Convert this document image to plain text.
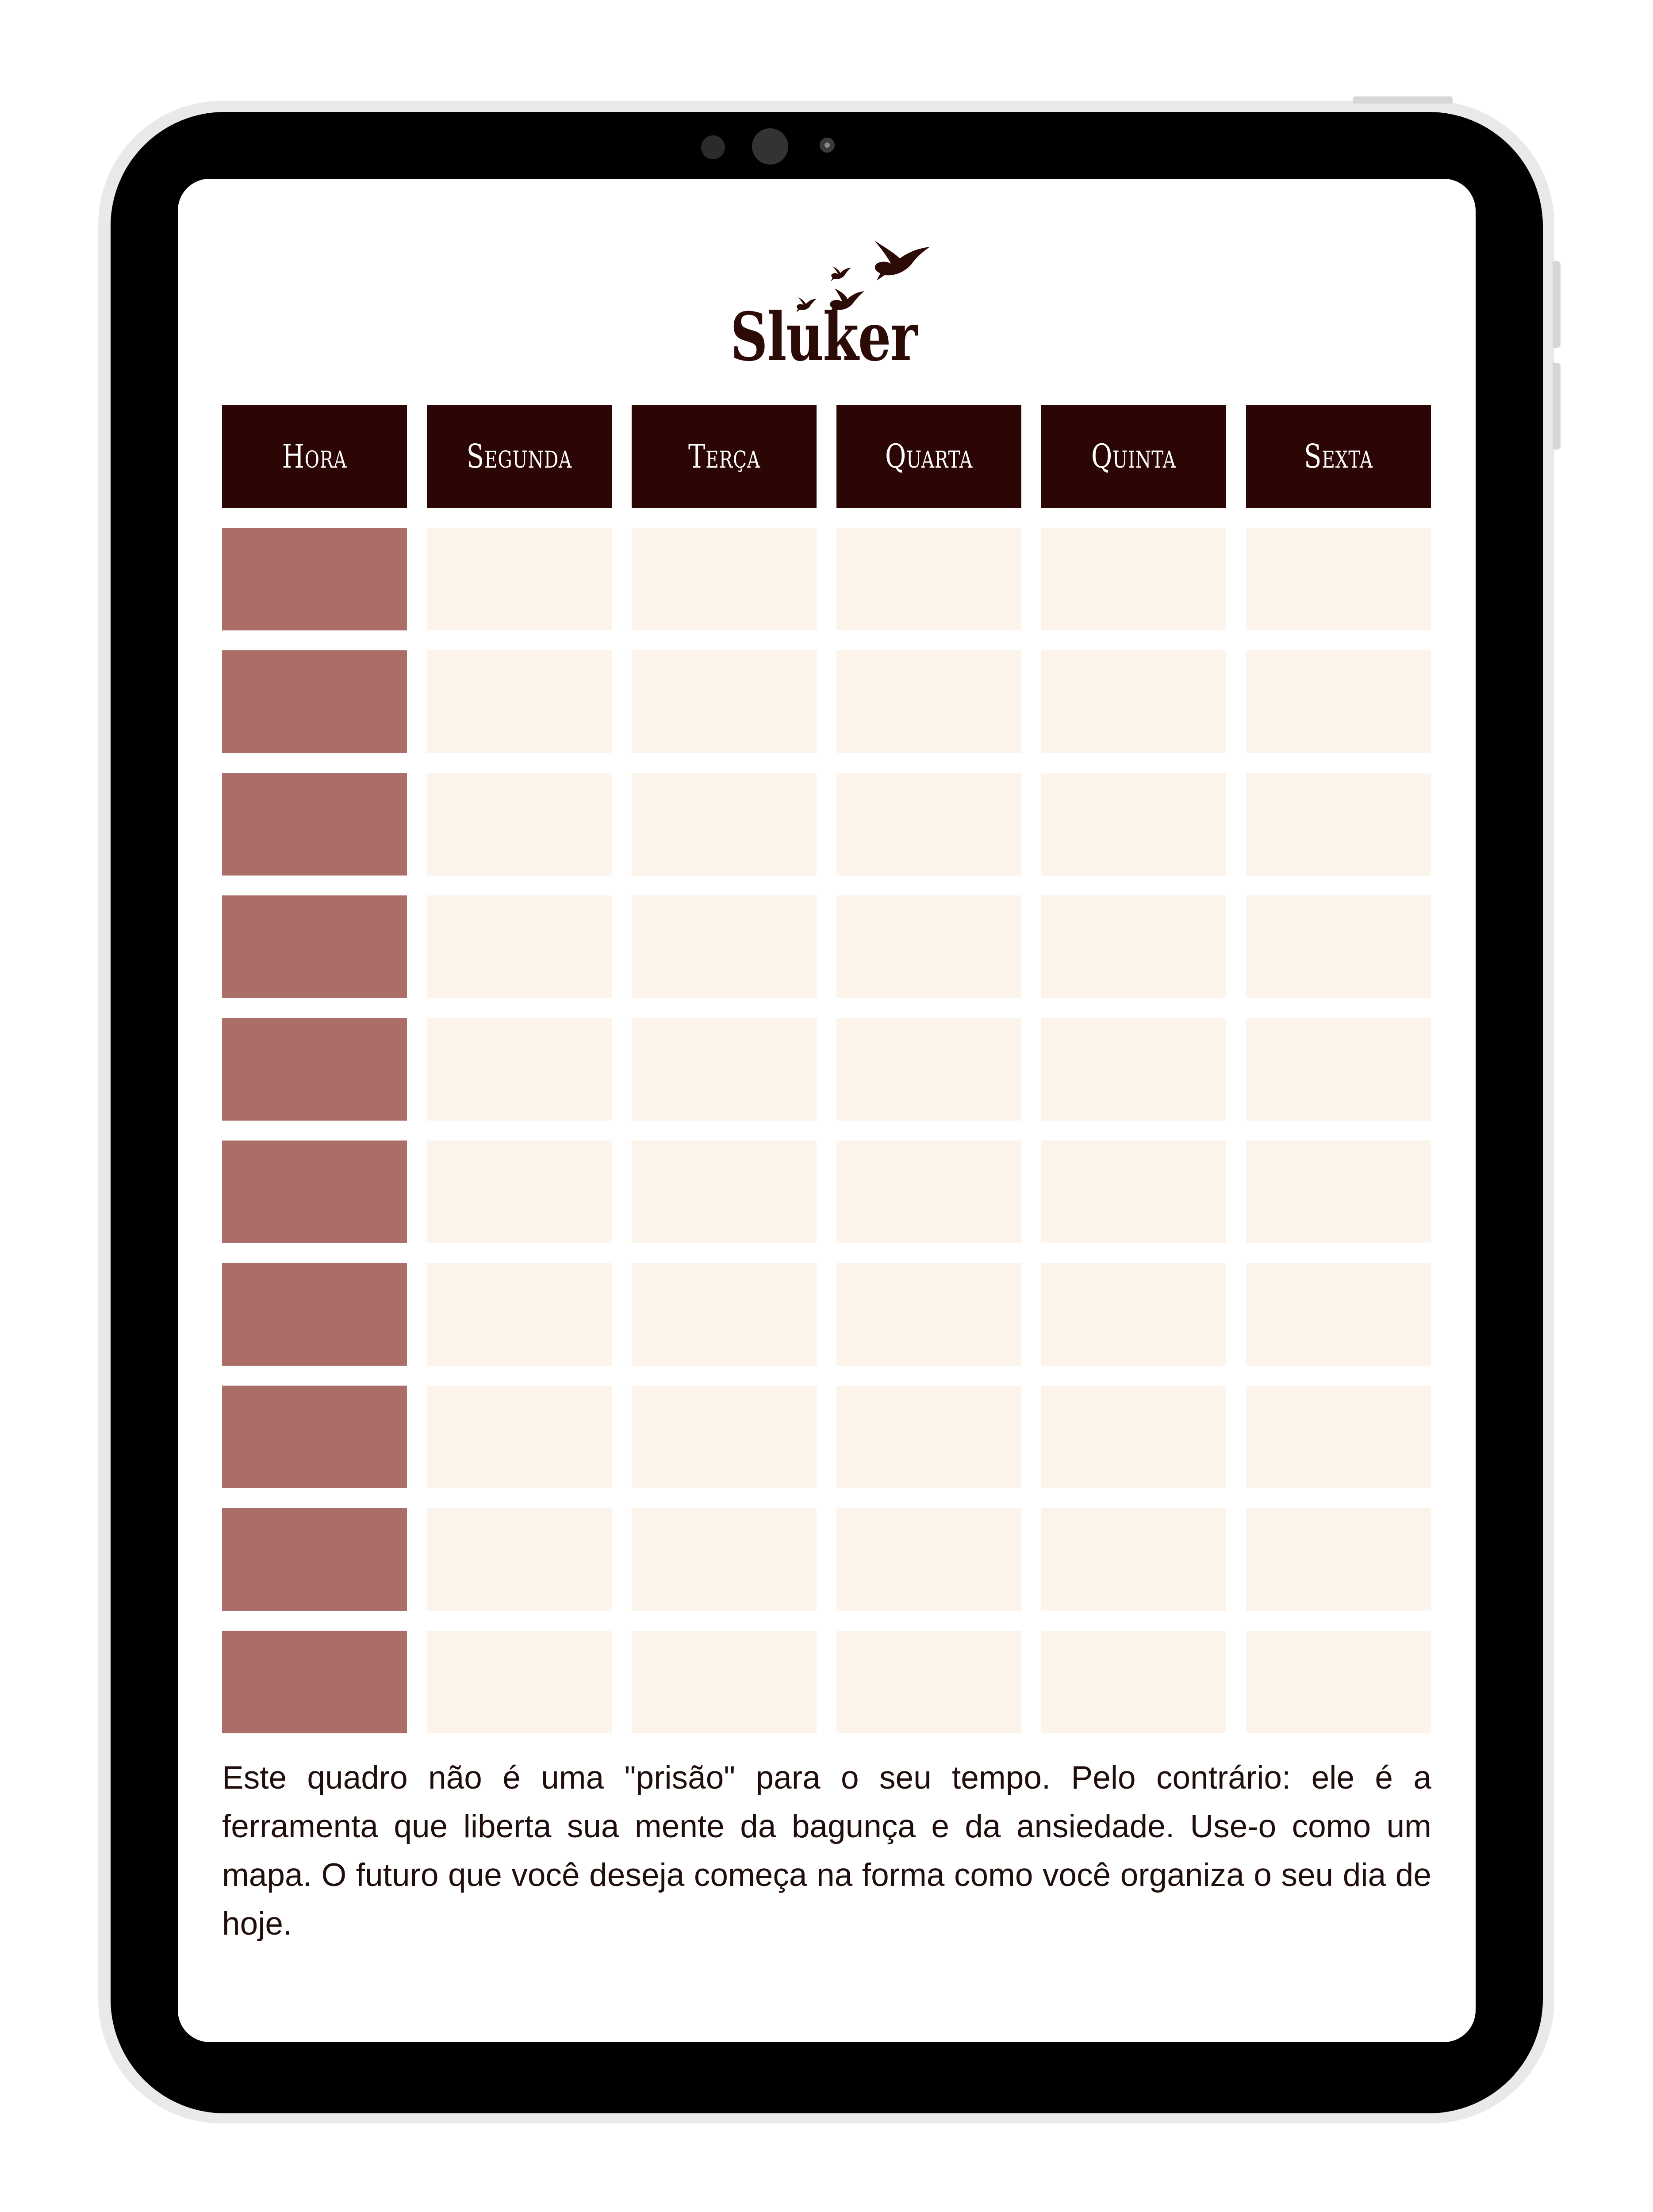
Sluker
Hora	Segunda	Terça	Quarta	Quinta	Sexta
Este quadro não é uma "prisão" para o seu tempo. Pelo contrário: ele é a ferramenta que liberta sua mente da bagunça e da ansiedade. Use-o como um mapa. O futuro que você deseja começa na forma como você organiza o seu dia de hoje.
